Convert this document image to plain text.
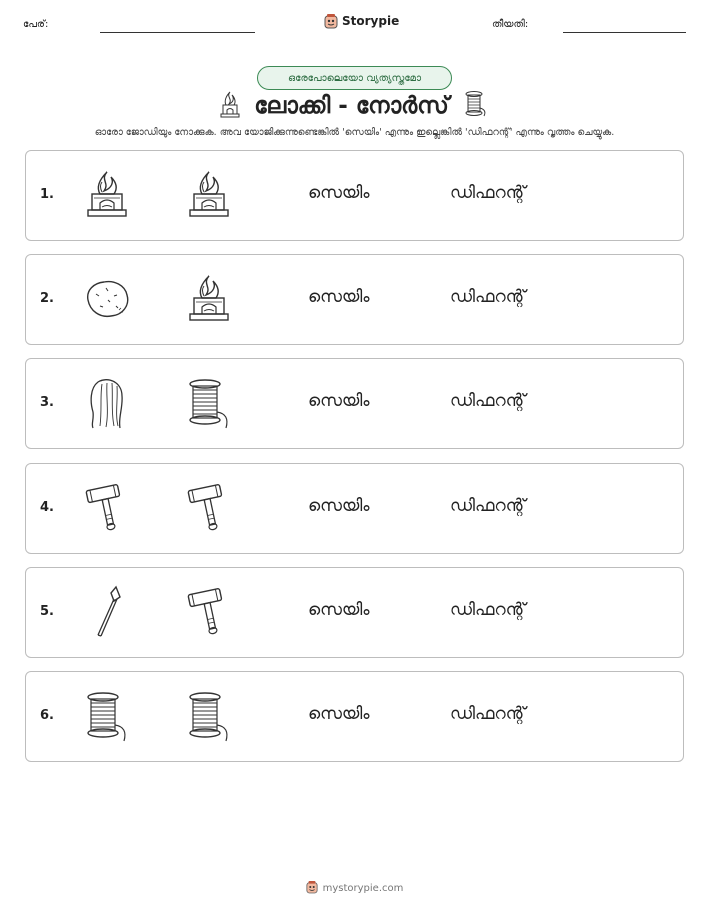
പേര്:	Storypie	തീയതി:
ഒരേപോലെയോ വ്യത്യസ്തമോ
ലോക്കി - നോർസ്
ഓരോ ജോഡിയും നോക്കുക. അവ യോജിക്കുന്നുണ്ടെങ്കിൽ 'സെയിം' എന്നും ഇല്ലെങ്കിൽ 'ഡിഫറന്റ്' എന്നും വൃത്തം ചെയ്യുക.
1.	സെയിം	ഡിഫറന്റ്
2.	സെയിം	ഡിഫറന്റ്
3.	സെയിം	ഡിഫറന്റ്
4.	സെയിം	ഡിഫറന്റ്
5.	സെയിം	ഡിഫറന്റ്
6.	സെയിം	ഡിഫറന്റ്
mystorypie.com
